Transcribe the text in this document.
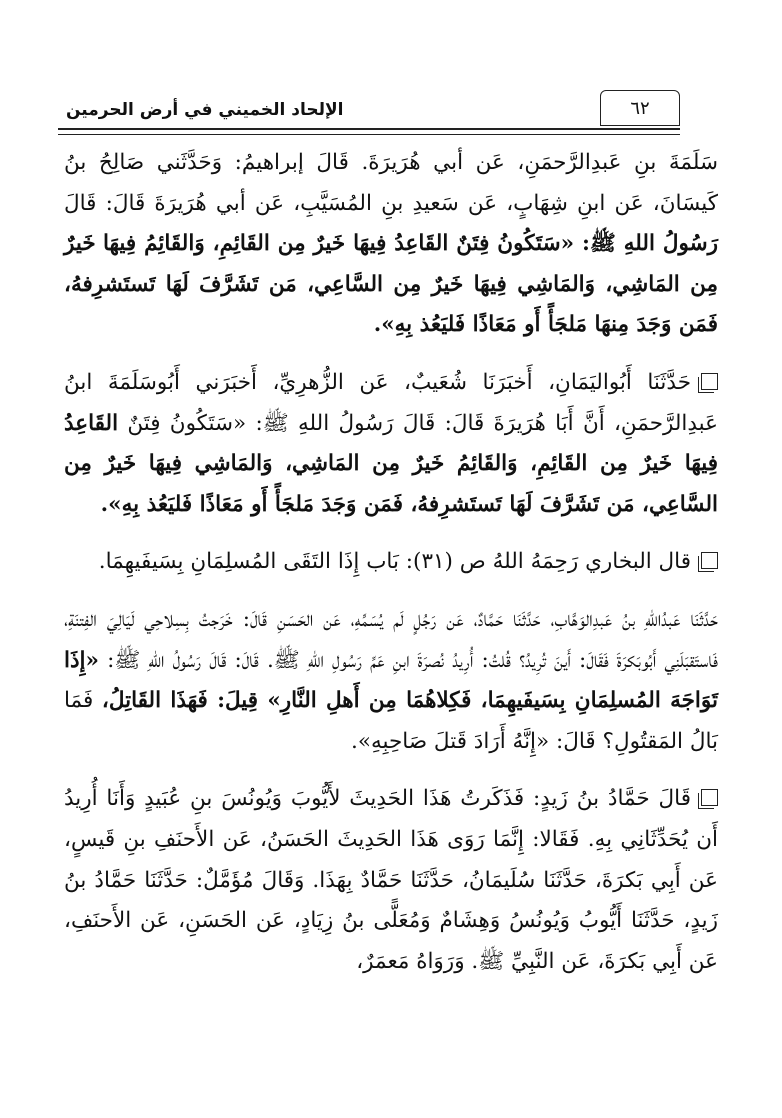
٦٢
الإلحاد الخميني في أرض الحرمين

سَلَمَةَ بنِ عَبدِالرَّحمَنِ، عَن أبي هُرَيرَةَ. قَالَ إبراهيمُ: وَحَدَّثَني صَالِحُ بنُ كَيسَانَ، عَن ابنِ شِهَابٍ، عَن سَعيدِ بنِ المُسَيَّبِ، عَن أبي هُرَيرَةَ قَالَ: قَالَ رَسُولُ اللهِ ﷺ: «سَتَكُونُ فِتَنٌ القَاعِدُ فِيهَا خَيرٌ مِن القَائِمِ، وَالقَائِمُ فِيهَا خَيرٌ مِن المَاشِي، وَالمَاشِي فِيهَا خَيرٌ مِن السَّاعِي، مَن تَشَرَّفَ لَهَا تَستَشرِفهُ، فَمَن وَجَدَ مِنهَا مَلجَأً أَو مَعَاذًا فَليَعُذ بِهِ».

حَدَّثَنَا أَبُواليَمَانِ، أَخبَرَنَا شُعَيبٌ، عَن الزُّهرِيِّ، أَخبَرَني أَبُوسَلَمَةَ ابنُ عَبدِالرَّحمَنِ، أَنَّ أَبَا هُرَيرَةَ قَالَ: قَالَ رَسُولُ اللهِ ﷺ: «سَتَكُونُ فِتَنٌ القَاعِدُ فِيهَا خَيرٌ مِن القَائِمِ، وَالقَائِمُ خَيرٌ مِن المَاشِي، وَالمَاشِي فِيهَا خَيرٌ مِن السَّاعِي، مَن تَشَرَّفَ لَهَا تَستَشرِفهُ، فَمَن وَجَدَ مَلجَأً أَو مَعَاذًا فَليَعُذ بِهِ».

قال البخاري رَحِمَهُ اللهُ ص (٣١): بَاب إِذَا التَقَى المُسلِمَانِ بِسَيفَيهِمَا.

حَدَّثَنَا عَبدُاللهِ بنُ عَبدِالوَهَّابِ، حَدَّثَنَا حَمَّادٌ، عَن رَجُلٍ لَم يُسَمِّهِ، عَن الحَسَنِ قَالَ: خَرَجتُ بِسِلاحِي لَيَالِيَ الفِتنَةِ، فَاستَقبَلَنِي أَبُوبَكرَةَ فَقَالَ: أَينَ تُرِيدُ؟ قُلتُ: أُرِيدُ نُصرَةَ ابنِ عَمِّ رَسُولِ اللهِ ﷺ. قَالَ: قَالَ رَسُولُ اللهِ ﷺ: «إِذَا تَوَاجَهَ المُسلِمَانِ بِسَيفَيهِمَا، فَكِلاهُمَا مِن أَهلِ النَّارِ» قِيلَ: فَهَذَا القَاتِلُ، فَمَا بَالُ المَقتُولِ؟ قَالَ: «إِنَّهُ أَرَادَ قَتلَ صَاحِبِهِ».

قَالَ حَمَّادُ بنُ زَيدٍ: فَذَكَرتُ هَذَا الحَدِيثَ لأَيُّوبَ وَيُونُسَ بنِ عُبَيدٍ وَأَنَا أُرِيدُ أَن يُحَدِّثَانِي بِهِ. فَقَالا: إِنَّمَا رَوَى هَذَا الحَدِيثَ الحَسَنُ، عَن الأَحنَفِ بنِ قَيسٍ، عَن أَبِي بَكرَةَ، حَدَّثَنَا سُلَيمَانُ، حَدَّثَنَا حَمَّادٌ بِهَذَا. وَقَالَ مُؤَمَّلٌ: حَدَّثَنَا حَمَّادُ بنُ زَيدٍ، حَدَّثَنَا أَيُّوبُ وَيُونُسُ وَهِشَامٌ وَمُعَلًّى بنُ زِيَادٍ، عَن الحَسَنِ، عَن الأَحنَفِ، عَن أَبِي بَكرَةَ، عَن النَّبِيِّ ﷺ. وَرَوَاهُ مَعمَرٌ،
